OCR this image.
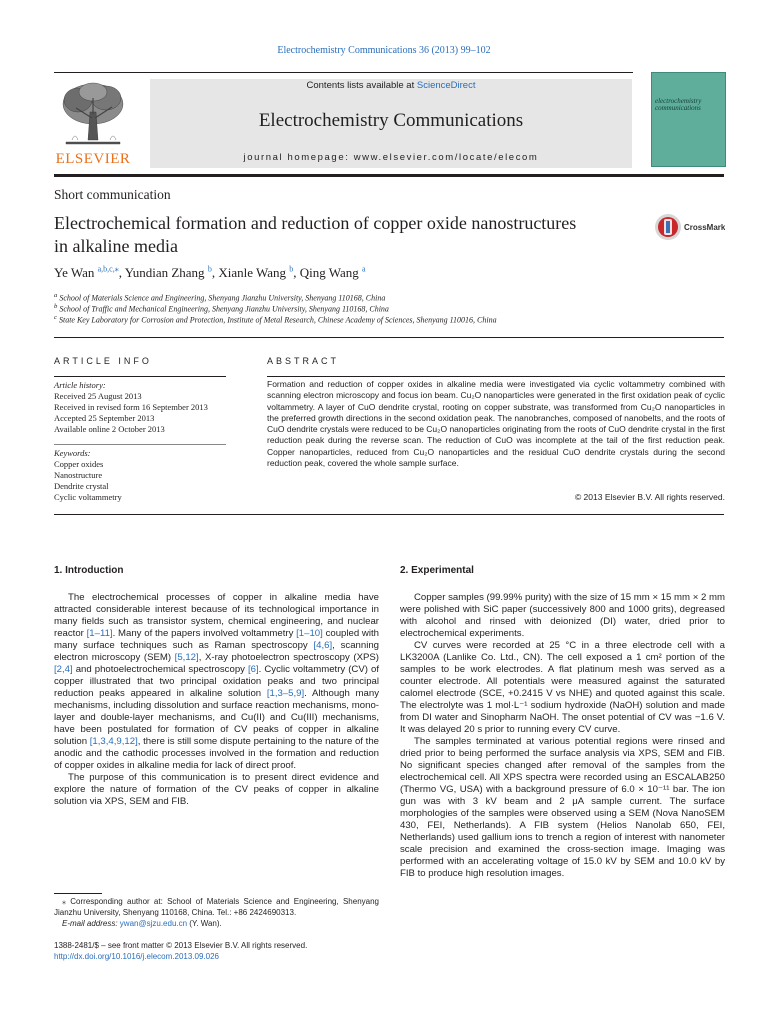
Electrochemistry Communications 36 (2013) 99–102
ELSEVIER
Contents lists available at ScienceDirect
Electrochemistry Communications
journal homepage: www.elsevier.com/locate/elecom
electrochemistry communications
Short communication
Electrochemical formation and reduction of copper oxide nanostructures
in alkaline media
CrossMark
Ye Wan $^{a,b,c,⁎}$, Yundian Zhang $^b$, Xianle Wang $^b$, Qing Wang $^a$
$^a$ School of Materials Science and Engineering, Shenyang Jianzhu University, Shenyang 110168, China
$^b$ School of Traffic and Mechanical Engineering, Shenyang Jianzhu University, Shenyang 110168, China
$^c$ State Key Laboratory for Corrosion and Protection, Institute of Metal Research, Chinese Academy of Sciences, Shenyang 110016, China
ARTICLE INFO
Article history:
Received 25 August 2013
Received in revised form 16 September 2013
Accepted 25 September 2013
Available online 2 October 2013
Keywords:
Copper oxides
Nanostructure
Dendrite crystal
Cyclic voltammetry
ABSTRACT
Formation and reduction of copper oxides in alkaline media were investigated via cyclic voltammetry combined with scanning electron microscopy and focus ion beam. Cu₂O nanoparticles were generated in the first oxidation peak of cyclic voltammetry. A layer of CuO dendrite crystal, rooting on copper substrate, was transformed from Cu₂O nanoparticles in the preferred growth directions in the second oxidation peak. The nanobranches, composed of nanobelts, and the roots of CuO dendrite crystals were reduced to be Cu₂O nanoparticles originating from the roots of CuO dendrite crystal in the first reduction peak during the reverse scan. The reduction of CuO was incomplete at the tail of the first reduction peak. Copper nanoparticles, reduced from Cu₂O nanoparticles and the residual CuO dendrite crystals during the second reduction peak, covered the whole sample surface.
© 2013 Elsevier B.V. All rights reserved.
1. Introduction

The electrochemical processes of copper in alkaline media have attracted considerable interest because of its technological importance in many fields such as transistor system, chemical engineering, and nuclear reactor [1–11]. Many of the papers involved voltammetry [1–10] coupled with many surface techniques such as Raman spectroscopy [4,6], scanning electron microscopy (SEM) [5,12], X-ray photoelectron spectroscopy (XPS) [2,4] and photoelectrochemical spectroscopy [6]. Cyclic voltammetry (CV) of copper illustrated that two principal oxidation peaks and two principal reduction peaks appeared in alkaline solution [1,3–5,9]. Although many mechanisms, including dissolution and surface reaction mechanisms, mono-layer and double-layer mechanisms, and Cu(II) and Cu(III) mechanisms, have been postulated for formation of CV peaks of copper in alkaline solution [1,3,4,9,12], there is still some dispute pertaining to the nature of the anodic and the cathodic processes involved in the formation and reduction of copper oxides in alkaline media for lack of direct proof.

The purpose of this communication is to present direct evidence and explore the nature of formation of the CV peaks of copper in alkaline solution via XPS, SEM and FIB.

2. Experimental

Copper samples (99.99% purity) with the size of 15 mm × 15 mm × 2 mm were polished with SiC paper (successively 800 and 1000 grits), degreased with alcohol and rinsed with deionized (DI) water, dried prior to electrochemical experiments.

CV curves were recorded at 25 °C in a three electrode cell with a LK3200A (Lanlike Co. Ltd., CN). The cell exposed a 1 cm² portion of the samples to be work electrodes. A flat platinum mesh was served as a counter electrode. All potentials were measured against the saturated calomel electrode (SCE, +0.2415 V vs NHE) and quoted against this scale. The electrolyte was 1 mol·L⁻¹ sodium hydroxide (NaOH) solution and made from DI water and Sinopharm NaOH. The onset potential of CV was −1.6 V. It was delayed 20 s prior to running every CV curve.

The samples terminated at various potential regions were rinsed and dried prior to being performed the surface analysis via XPS, SEM and FIB. No significant species changed after removal of the samples from the electrochemical cell. All XPS spectra were recorded using an ESCALAB250 (Thermo VG, USA) with a background pressure of 6.0 × 10⁻¹¹ bar. The ion gun was with 3 kV beam and 2 μA sample current. The surface morphologies of the samples were observed using a SEM (Nova NanoSEM 430, FEI, Netherlands). A FIB system (Helios Nanolab 650, FEI, Netherlands) used gallium ions to trench a region of interest with nanometer scale precision and examined the cross-section image. Imaging was performed with an accelerating voltage of 15.0 kV by SEM and 10.0 kV by FIB to produce high resolution images.

⁎ Corresponding author at: School of Materials Science and Engineering, Shenyang Jianzhu University, Shenyang 110168, China. Tel.: +86 2424690313.

E-mail address: ywan@sjzu.edu.cn (Y. Wan).

1388-2481/$ – see front matter © 2013 Elsevier B.V. All rights reserved.
http://dx.doi.org/10.1016/j.elecom.2013.09.026
